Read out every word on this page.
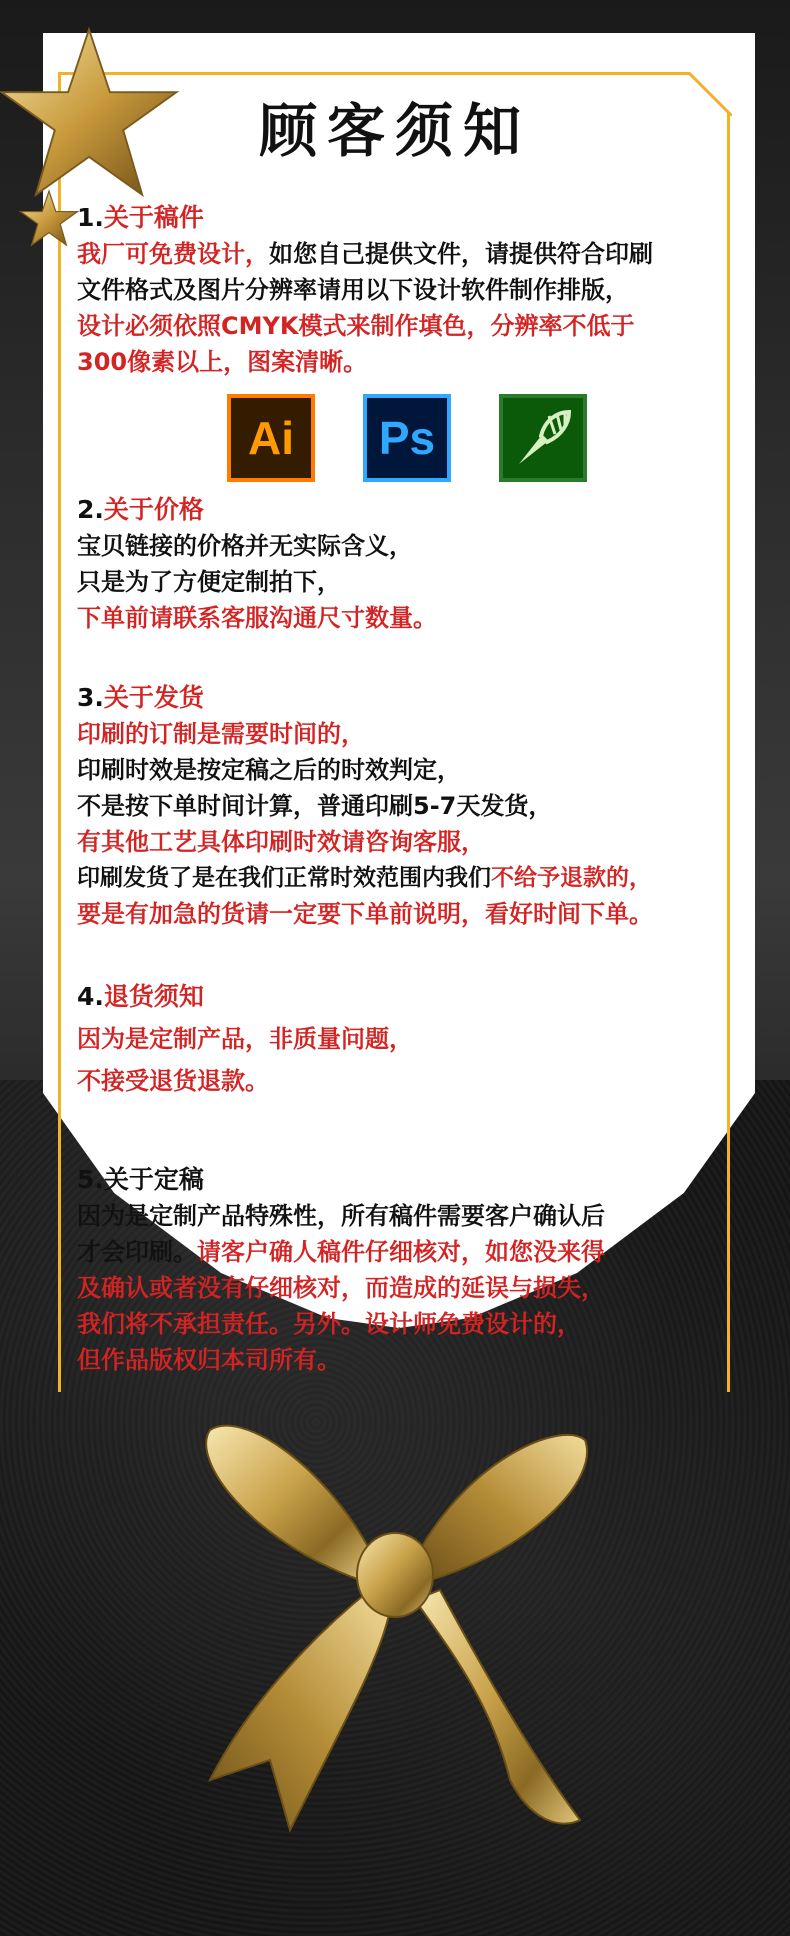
顾客须知
1.关于稿件
我厂可免费设计，如您自己提供文件，请提供符合印刷
文件格式及图片分辨率请用以下设计软件制作排版，
设计必须依照CMYK模式来制作填色，分辨率不低于
300像素以上，图案清晰。
Ai Ps
2.关于价格
宝贝链接的价格并无实际含义，
只是为了方便定制拍下，
下单前请联系客服沟通尺寸数量。
3.关于发货
印刷的订制是需要时间的，
印刷时效是按定稿之后的时效判定，
不是按下单时间计算，普通印刷5-7天发货，
有其他工艺具体印刷时效请咨询客服，
印刷发货了是在我们正常时效范围内我们不给予退款的，
要是有加急的货请一定要下单前说明，看好时间下单。
4.退货须知
因为是定制产品，非质量问题，
不接受退货退款。
5.关于定稿
因为是定制产品特殊性，所有稿件需要客户确认后
才会印刷。请客户确人稿件仔细核对，如您没来得
及确认或者没有仔细核对，而造成的延误与损失，
我们将不承担责任。另外。设计师免费设计的，
但作品版权归本司所有。
